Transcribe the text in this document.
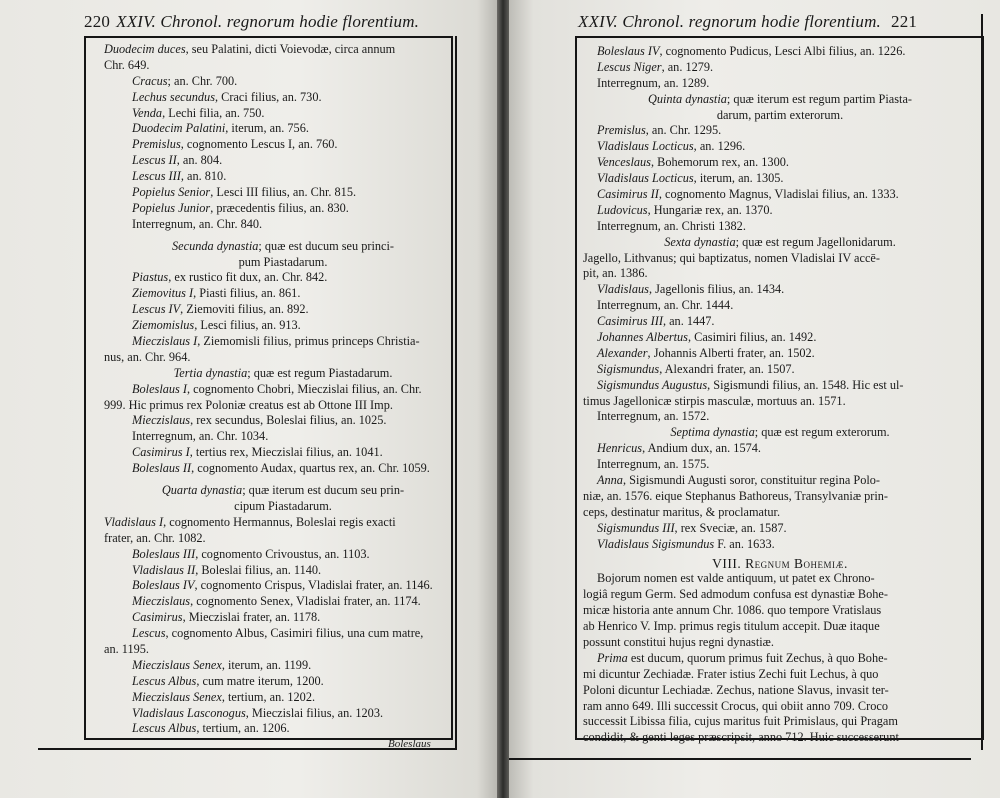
220 XXIV. Chronol. regnorum hodie florentium.
Duodecim duces, seu Palatini, dicti Voievodæ, circa annum
Chr. 649.
Cracus; an. Chr. 700.
Lechus secundus, Craci filius, an. 730.
Venda, Lechi filia, an. 750.
Duodecim Palatini, iterum, an. 756.
Premislus, cognomento Lescus I, an. 760.
Lescus II, an. 804.
Lescus III, an. 810.
Popielus Senior, Lesci III filius, an. Chr. 815.
Popielus Junior, præcedentis filius, an. 830.
Interregnum, an. Chr. 840.
Secunda dynastia; quæ est ducum seu princi-
pum Piastadarum.
Piastus, ex rustico fit dux, an. Chr. 842.
Ziemovitus I, Piasti filius, an. 861.
Lescus IV, Ziemoviti filius, an. 892.
Ziemomislus, Lesci filius, an. 913.
Mieczislaus I, Ziemomisli filius, primus princeps Christia-
nus, an. Chr. 964.
Tertia dynastia; quæ est regum Piastadarum.
Boleslaus I, cognomento Chobri, Mieczislai filius, an. Chr.
999. Hic primus rex Poloniæ creatus est ab Ottone III Imp.
Mieczislaus, rex secundus, Boleslai filius, an. 1025.
Interregnum, an. Chr. 1034.
Casimirus I, tertius rex, Mieczislai filius, an. 1041.
Boleslaus II, cognomento Audax, quartus rex, an. Chr. 1059.
Quarta dynastia; quæ iterum est ducum seu prin-
cipum Piastadarum.
Vladislaus I, cognomento Hermannus, Boleslai regis exacti
frater, an. Chr. 1082.
Boleslaus III, cognomento Crivoustus, an. 1103.
Vladislaus II, Boleslai filius, an. 1140.
Boleslaus IV, cognomento Crispus, Vladislai frater, an. 1146.
Mieczislaus, cognomento Senex, Vladislai frater, an. 1174.
Casimirus, Mieczislai frater, an. 1178.
Lescus, cognomento Albus, Casimiri filius, una cum matre,
an. 1195.
Mieczislaus Senex, iterum, an. 1199.
Lescus Albus, cum matre iterum, 1200.
Mieczislaus Senex, tertium, an. 1202.
Vladislaus Lasconogus, Mieczislai filius, an. 1203.
Lescus Albus, tertium, an. 1206.
Boleslaus
XXIV. Chronol. regnorum hodie florentium. 221
Boleslaus IV, cognomento Pudicus, Lesci Albi filius, an. 1226.
Lescus Niger, an. 1279.
Interregnum, an. 1289.
Quinta dynastia; quæ iterum est regum partim Piasta-
darum, partim exterorum.
Premislus, an. Chr. 1295.
Vladislaus Locticus, an. 1296.
Venceslaus, Bohemorum rex, an. 1300.
Vladislaus Locticus, iterum, an. 1305.
Casimirus II, cognomento Magnus, Vladislai filius, an. 1333.
Ludovicus, Hungariæ rex, an. 1370.
Interregnum, an. Christi 1382.
Sexta dynastia; quæ est regum Jagellonidarum.
Jagello, Lithvanus; qui baptizatus, nomen Vladislai IV accē-
pit, an. 1386.
Vladislaus, Jagellonis filius, an. 1434.
Interregnum, an. Chr. 1444.
Casimirus III, an. 1447.
Johannes Albertus, Casimiri filius, an. 1492.
Alexander, Johannis Alberti frater, an. 1502.
Sigismundus, Alexandri frater, an. 1507.
Sigismundus Augustus, Sigismundi filius, an. 1548. Hic est ul-
timus Jagellonicæ stirpis masculæ, mortuus an. 1571.
Interregnum, an. 1572.
Septima dynastia; quæ est regum exterorum.
Henricus, Andium dux, an. 1574.
Interregnum, an. 1575.
Anna, Sigismundi Augusti soror, constituitur regina Polo-
niæ, an. 1576. eique Stephanus Bathoreus, Transylvaniæ prin-
ceps, destinatur maritus, & proclamatur.
Sigismundus III, rex Sveciæ, an. 1587.
Vladislaus Sigismundus F. an. 1633.
VIII. Regnum Bohemiæ.
Bojorum nomen est valde antiquum, ut patet ex Chrono-
logiâ regum Germ. Sed admodum confusa est dynastiæ Bohe-
micæ historia ante annum Chr. 1086. quo tempore Vratislaus
ab Henrico V. Imp. primus regis titulum accepit. Duæ itaque
possunt constitui hujus regni dynastiæ.
Prima est ducum, quorum primus fuit Zechus, à quo Bohe-
mi dicuntur Zechiadæ. Frater istius Zechi fuit Lechus, à quo
Poloni dicuntur Lechiadæ. Zechus, natione Slavus, invasit ter-
ram anno 649. Illi successit Crocus, qui obiit anno 709. Croco
successit Libissa filia, cujus maritus fuit Primislaus, qui Pragam
condidit, & genti leges præscripsit, anno 712. Huic successerunt
